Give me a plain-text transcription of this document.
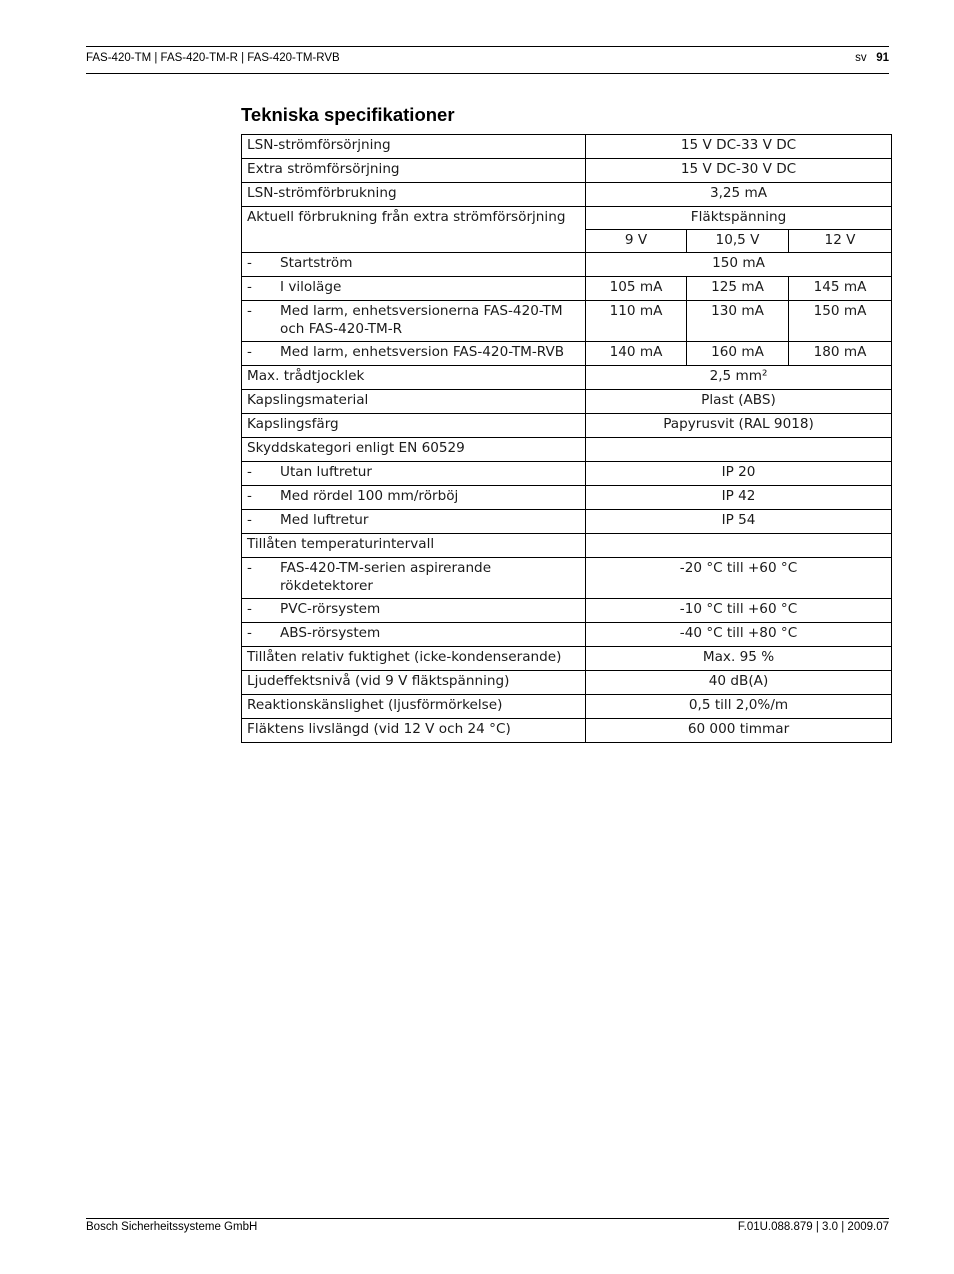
FAS-420-TM | FAS-420-TM-R | FAS-420-TM-RVB	sv 91
Tekniska specifikationer
LSN-strömförsörjning	15 V DC-33 V DC		
Extra strömförsörjning	15 V DC-30 V DC		
LSN-strömförbrukning	3,25 mA		
Aktuell förbrukning från extra strömförsörjning	Fläktspänning		
	9 V	10,5 V	12 V

- Startström	150 mA		

- I viloläge	105 mA	125 mA	145 mA

- Med larm, enhetsversionerna FAS-420-TM och FAS-420-TM-R	110 mA	130 mA	150 mA

- Med larm, enhetsversion FAS-420-TM-RVB	140 mA	160 mA	180 mA
Max. trådtjocklek	2,5 mm²		
Kapslingsmaterial	Plast (ABS)		
Kapslingsfärg	Papyrusvit (RAL 9018)		
Skyddskategori enligt EN 60529			

- Utan luftretur	IP 20		

- Med rördel 100 mm/rörböj	IP 42		

- Med luftretur	IP 54		
Tillåten temperaturintervall			

- FAS-420-TM-serien aspirerande rökdetektorer	-20 °C till +60 °C		

- PVC-rörsystem	-10 °C till +60 °C		

- ABS-rörsystem	-40 °C till +80 °C		
Tillåten relativ fuktighet (icke-kondenserande)	Max. 95 %		
Ljudeffektsnivå (vid 9 V fläktspänning)	40 dB(A)		
Reaktionskänslighet (ljusförmörkelse)	0,5 till 2,0%/m		
Fläktens livslängd (vid 12 V och 24 °C)	60 000 timmar		
Bosch Sicherheitssysteme GmbH	F.01U.088.879 | 3.0 | 2009.07
